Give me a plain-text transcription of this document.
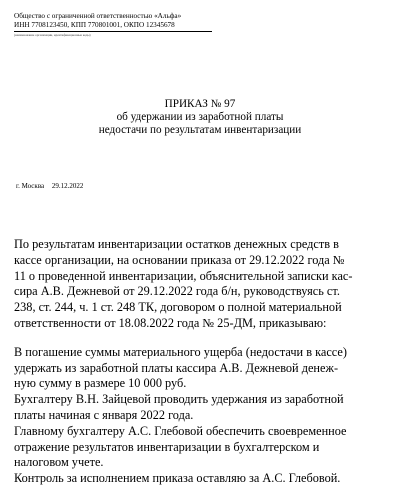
Общество с ограниченной ответственностью «Альфа»
ИНН 7708123450, КПП 770801001, ОКПО 12345678
(наименование организации, идентификационные коды)
ПРИКАЗ № 97
об удержании из заработной платы
недостачи по результатам инвентаризации
г. Москва 29.12.2022

По результатам инвентаризации остатков денежных средств в

кассе организации, на основании приказа от 29.12.2022 года №

11 о проведенной инвентаризации, объяснительной записки кас-

сира А.В. Дежневой от 29.12.2022 года б/н, руководствуясь ст.

238, ст. 244, ч. 1 ст. 248 ТК, договором о полной материальной

ответственности от 18.08.2022 года № 25-ДМ, приказываю:

В погашение суммы материального ущерба (недостачи в кассе)

удержать из заработной платы кассира А.В. Дежневой денеж-

ную сумму в размере 10 000 руб.

Бухгалтеру В.Н. Зайцевой проводить удержания из заработной

платы начиная с января 2022 года.

Главному бухгалтеру А.С. Глебовой обеспечить своевременное

отражение результатов инвентаризации в бухгалтерском и

налоговом учете.

Контроль за исполнением приказа оставляю за А.С. Глебовой.
